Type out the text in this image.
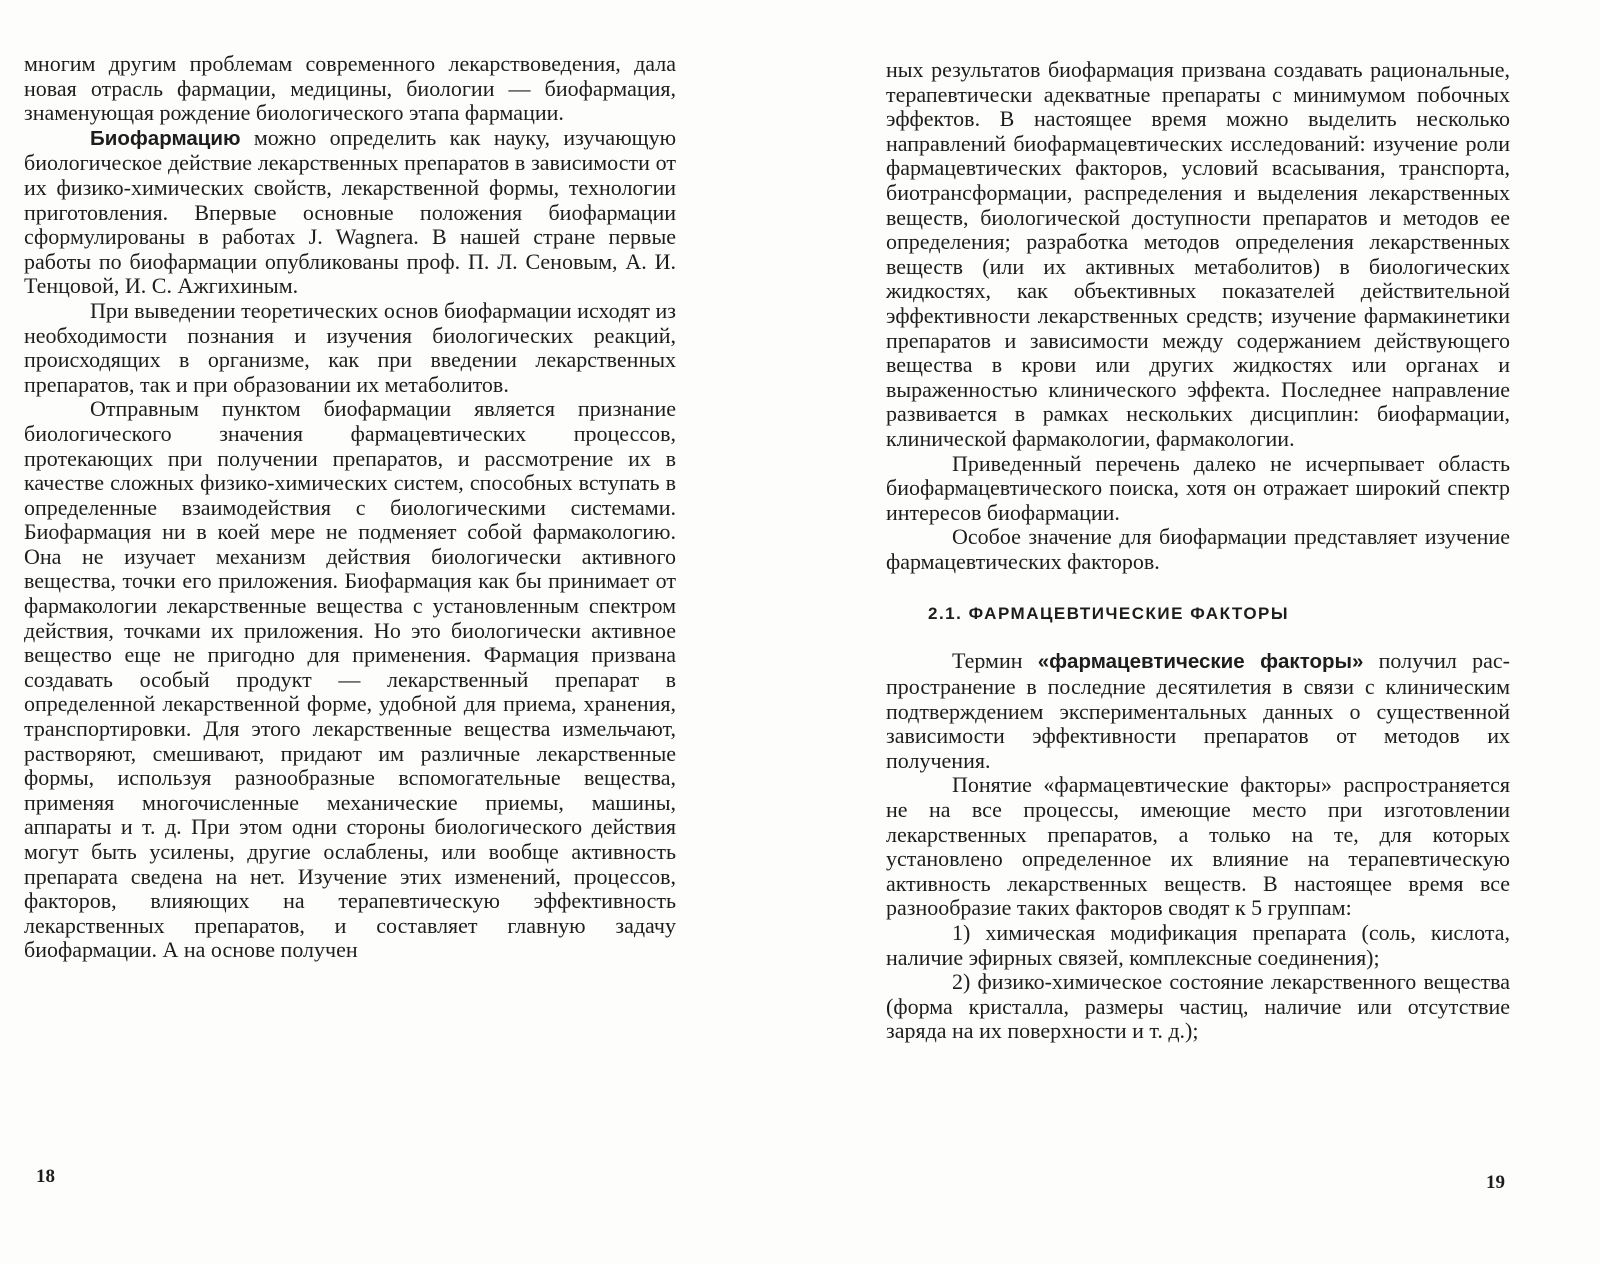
многим другим проблемам современного лекарствоведения, дала новая отрасль фармации, медицины, биологии — биофармация, знаменующая рождение биологического этапа фармации.

Биофармацию можно определить как науку, изучающую биологическое действие лекарственных препаратов в зависимости от их физико-химических свойств, лекарственной формы, технологии приготовления. Впервые основные положения биофармации сформулированы в работах J. Wagnera. В нашей стране первые работы по биофармации опубликованы проф. П. Л. Сеновым, А. И. Тенцовой, И. С. Ажгихиным.

При выведении теоретических основ биофармации исходят из необходимости познания и изучения биологических реакций, происходящих в организме, как при введении лекарственных препаратов, так и при образовании их метаболитов.

Отправным пунктом биофармации является признание биологического значения фармацевтических процессов, протекающих при получении препаратов, и рассмотрение их в качестве сложных физико-химических систем, способных вступать в определенные взаимодействия с биологическими системами. Биофармация ни в коей мере не подменяет собой фармакологию. Она не изучает механизм действия биологически активного вещества, точки его приложения. Биофармация как бы принимает от фармакологии лекарственные вещества с установленным спектром действия, точками их приложения. Но это биологически активное вещество еще не пригодно для применения. Фармация призвана создавать особый продукт — лекарственный препарат в определенной лекарственной форме, удобной для приема, хранения, транспортировки. Для этого лекарственные вещества измельчают, растворяют, смешивают, придают им различные лекарственные формы, используя разнообразные вспомогательные вещества, применяя многочисленные механические приемы, машины, аппараты и т. д. При этом одни стороны биологического действия могут быть усилены, другие ослаблены, или вообще активность препарата сведена на нет. Изучение этих изменений, процессов, факторов, влияющих на терапевтическую эффективность лекарственных препаратов, и составляет главную задачу биофармации. А на основе получен

18

ных результатов биофармация призвана создавать рациональные, терапевтически адекватные препараты с минимумом побочных эффектов. В настоящее время можно выделить несколько направлений биофармацевтических исследований: изучение роли фармацевтических факторов, условий всасывания, транспорта, биотрансформации, распределения и выделения лекарственных веществ, биологической доступности препаратов и методов ее определения; разработка методов определения лекарственных веществ (или их активных метаболитов) в биологических жидкостях, как объективных показателей действительной эффективности лекарственных средств; изучение фармакинетики препаратов и зависимости между содержанием действующего вещества в крови или других жидкостях или органах и выраженностью клинического эффекта. Последнее направление развивается в рамках нескольких дисциплин: биофармации, клинической фармакологии, фармакологии.

Приведенный перечень далеко не исчерпывает область биофармацевтического поиска, хотя он отражает широкий спектр интересов биофармации.

Особое значение для биофармации представляет изучение фармацевтических факторов.

2.1. ФАРМАЦЕВТИЧЕСКИЕ ФАКТОРЫ

Термин «фармацевтические факторы» получил распространение в последние десятилетия в связи с клиническим подтверждением экспериментальных данных о существенной зависимости эффективности препаратов от методов их получения.

Понятие «фармацевтические факторы» распространяется не на все процессы, имеющие место при изготовлении лекарственных препаратов, а только на те, для которых установлено определенное их влияние на терапевтическую активность лекарственных веществ. В настоящее время все разнообразие таких факторов сводят к 5 группам:

1) химическая модификация препарата (соль, кислота, наличие эфирных связей, комплексные соединения);

2) физико-химическое состояние лекарственного вещества (форма кристалла, размеры частиц, наличие или отсутствие заряда на их поверхности и т. д.);

19
